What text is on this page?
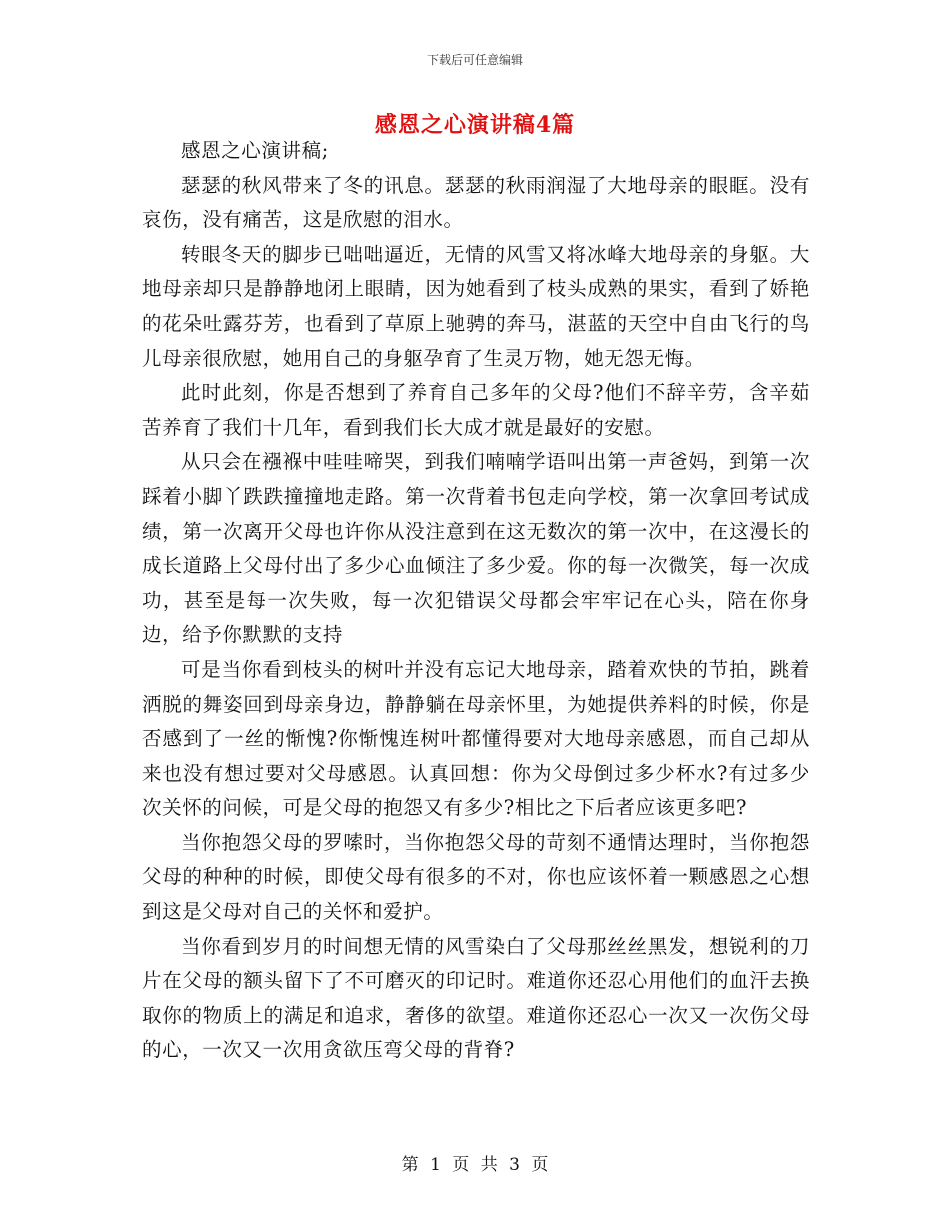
下载后可任意编辑
感恩之心演讲稿4篇

感恩之心演讲稿;

瑟瑟的秋风带来了冬的讯息。瑟瑟的秋雨润湿了大地母亲的眼眶。没有哀伤，没有痛苦，这是欣慰的泪水。

转眼冬天的脚步已咄咄逼近，无情的风雪又将冰峰大地母亲的身躯。大地母亲却只是静静地闭上眼睛，因为她看到了枝头成熟的果实，看到了娇艳的花朵吐露芬芳，也看到了草原上驰骋的奔马，湛蓝的天空中自由飞行的鸟儿母亲很欣慰，她用自己的身躯孕育了生灵万物，她无怨无悔。

此时此刻，你是否想到了养育自己多年的父母?他们不辞辛劳，含辛茹苦养育了我们十几年，看到我们长大成才就是最好的安慰。

从只会在襁褓中哇哇啼哭，到我们喃喃学语叫出第一声爸妈，到第一次踩着小脚丫跌跌撞撞地走路。第一次背着书包走向学校，第一次拿回考试成绩，第一次离开父母也许你从没注意到在这无数次的第一次中，在这漫长的成长道路上父母付出了多少心血倾注了多少爱。你的每一次微笑，每一次成功，甚至是每一次失败，每一次犯错误父母都会牢牢记在心头，陪在你身边，给予你默默的支持

可是当你看到枝头的树叶并没有忘记大地母亲，踏着欢快的节拍，跳着洒脱的舞姿回到母亲身边，静静躺在母亲怀里，为她提供养料的时候，你是否感到了一丝的惭愧?你惭愧连树叶都懂得要对大地母亲感恩，而自己却从来也没有想过要对父母感恩。认真回想：你为父母倒过多少杯水?有过多少次关怀的问候，可是父母的抱怨又有多少?相比之下后者应该更多吧?

当你抱怨父母的罗嗦时，当你抱怨父母的苛刻不通情达理时，当你抱怨父母的种种的时候，即使父母有很多的不对，你也应该怀着一颗感恩之心想到这是父母对自己的关怀和爱护。

当你看到岁月的时间想无情的风雪染白了父母那丝丝黑发，想锐利的刀片在父母的额头留下了不可磨灭的印记时。难道你还忍心用他们的血汗去换取你的物质上的满足和追求，奢侈的欲望。难道你还忍心一次又一次伤父母的心，一次又一次用贪欲压弯父母的背脊?

第 1 页 共 3 页
